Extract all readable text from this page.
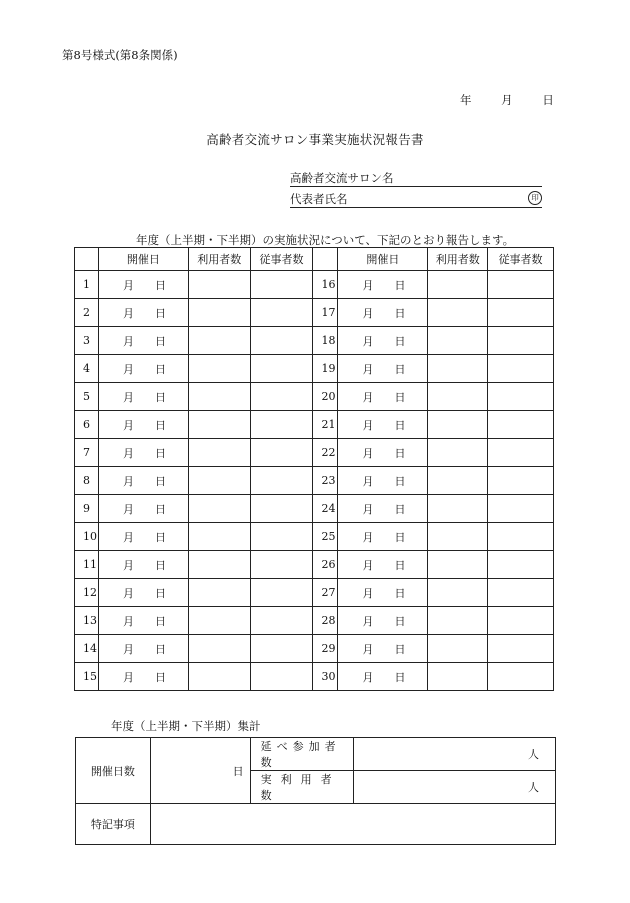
第8号様式(第8条関係)
年	月	日
高齢者交流サロン事業実施状況報告書
高齢者交流サロン名
代表者氏名	印
年度（上半期・下半期）の実施状況について、下記のとおり報告します。
	開催日	利用者数	従事者数		開催日	利用者数	従事者数
1	月 日			16	月 日		
2	月 日			17	月 日		
3	月 日			18	月 日		
4	月 日			19	月 日		
5	月 日			20	月 日		
6	月 日			21	月 日		
7	月 日			22	月 日		
8	月 日			23	月 日		
9	月 日			24	月 日		
10	月 日			25	月 日		
11	月 日			26	月 日		
12	月 日			27	月 日		
13	月 日			28	月 日		
14	月 日			29	月 日		
15	月 日			30	月 日		
年度（上半期・下半期）集計
開催日数	日	延べ参加者数	人
		実利用者数	人
特記事項			
